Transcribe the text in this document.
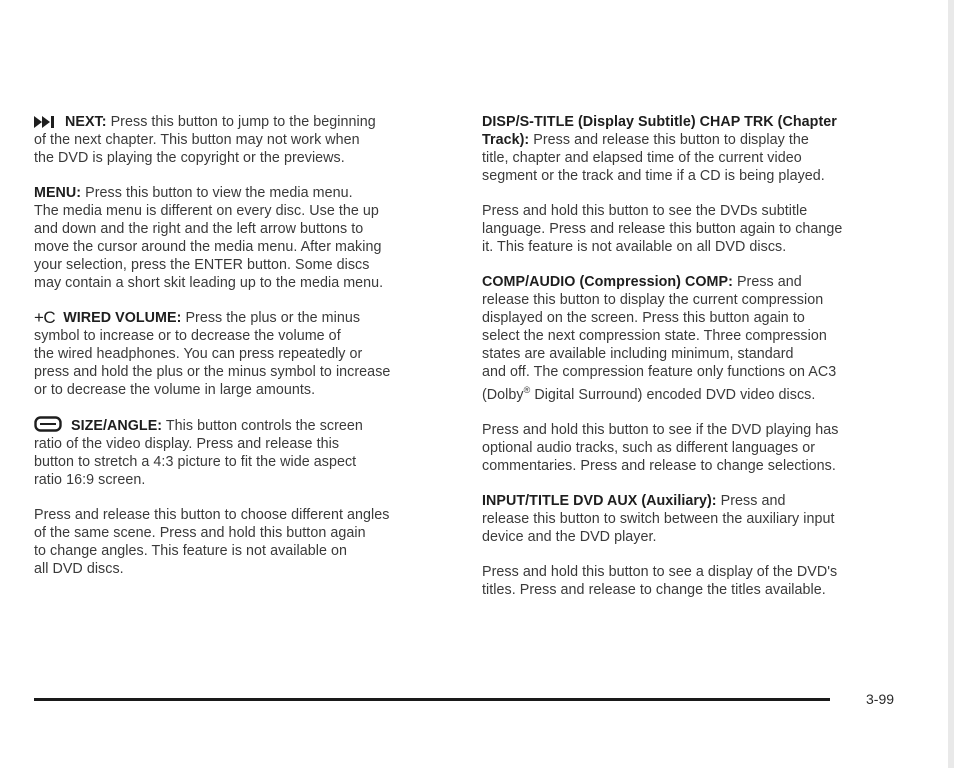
NEXT: Press this button to jump to the beginning
of the next chapter. This button may not work when
the DVD is playing the copyright or the previews.

MENU: Press this button to view the media menu.
The media menu is different on every disc. Use the up
and down and the right and the left arrow buttons to
move the cursor around the media menu. After making
your selection, press the ENTER button. Some discs
may contain a short skit leading up to the media menu.

+C WIRED VOLUME: Press the plus or the minus
symbol to increase or to decrease the volume of
the wired headphones. You can press repeatedly or
press and hold the plus or the minus symbol to increase
or to decrease the volume in large amounts.

SIZE/ANGLE: This button controls the screen
ratio of the video display. Press and release this
button to stretch a 4:3 picture to fit the wide aspect
ratio 16:9 screen.

Press and release this button to choose different angles
of the same scene. Press and hold this button again
to change angles. This feature is not available on
all DVD discs.

DISP/S-TITLE (Display Subtitle) CHAP TRK (Chapter
Track): Press and release this button to display the
title, chapter and elapsed time of the current video
segment or the track and time if a CD is being played.

Press and hold this button to see the DVDs subtitle
language. Press and release this button again to change
it. This feature is not available on all DVD discs.

COMP/AUDIO (Compression) COMP: Press and
release this button to display the current compression
displayed on the screen. Press this button again to
select the next compression state. Three compression
states are available including minimum, standard
and off. The compression feature only functions on AC3
(Dolby® Digital Surround) encoded DVD video discs.

Press and hold this button to see if the DVD playing has
optional audio tracks, such as different languages or
commentaries. Press and release to change selections.

INPUT/TITLE DVD AUX (Auxiliary): Press and
release this button to switch between the auxiliary input
device and the DVD player.

Press and hold this button to see a display of the DVD's
titles. Press and release to change the titles available.

3-99
